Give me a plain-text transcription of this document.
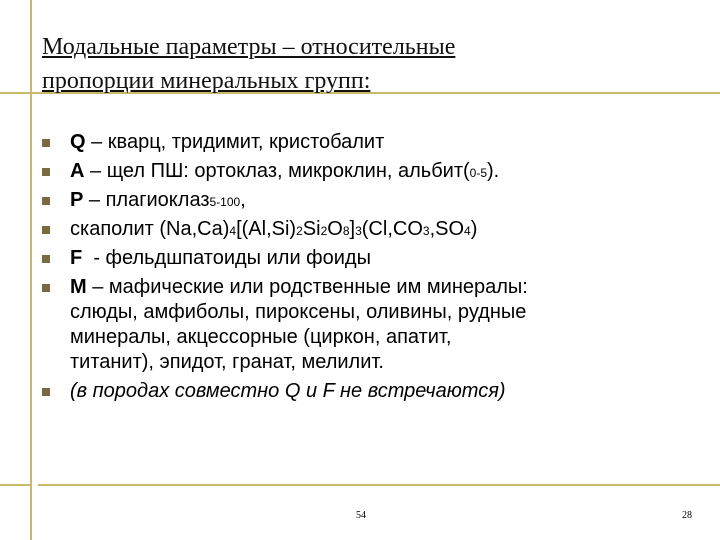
Модальные параметры – относительные
пропорции минеральных групп:
Q – кварц, тридимит, кристобалит
A – щел ПШ: ортоклаз, микроклин, альбит(0-5).
P – плагиоклаз5-100,
скаполит (Na,Ca)4[(Al,Si)2Si2O8]3(Cl,CO3,SO4)
F  - фельдшпатоиды или фоиды
M – мафические или родственные им минералы:
слюды, амфиболы, пироксены, оливины, рудные
минералы, акцессорные (циркон, апатит,
титанит), эпидот, гранат, мелилит.
(в породах совместно Q и F не встречаются)
54	28
